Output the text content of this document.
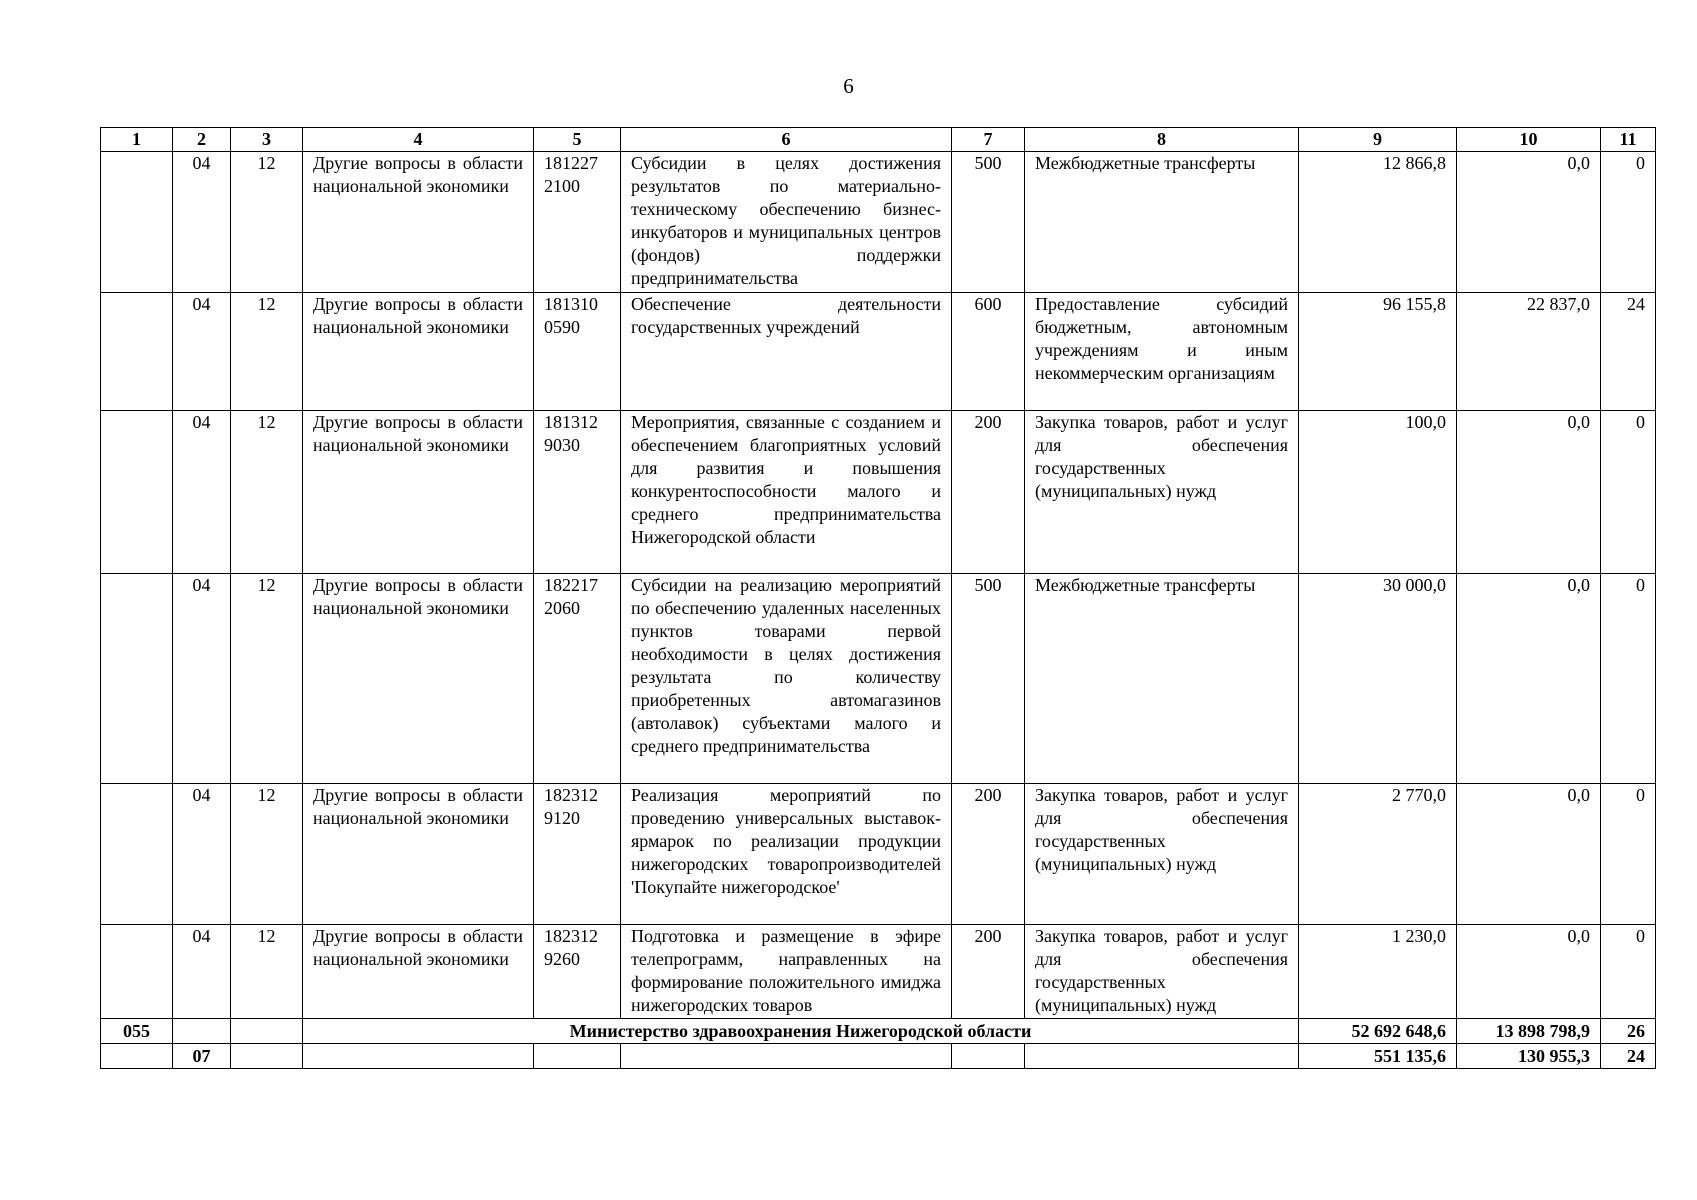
6
1	2	3	4	5	6	7	8	9	10	11
	04	12	Другие вопросы в области национальной экономики	181227 2100	Субсидии в целях достижения результатов по материально-техническому обеспечению бизнес-инкубаторов и муниципальных центров (фондов) поддержки предпринимательства	500	Межбюджетные трансферты	12 866,8	0,0	0
	04	12	Другие вопросы в области национальной экономики	181310 0590	Обеспечение деятельности государственных учреждений	600	Предоставление субсидий бюджетным, автономным учреждениям и иным некоммерческим организациям	96 155,8	22 837,0	24
	04	12	Другие вопросы в области национальной экономики	181312 9030	Мероприятия, связанные с созданием и обеспечением благоприятных условий для развития и повышения конкурентоспособности малого и среднего предпринимательства Нижегородской области	200	Закупка товаров, работ и услуг для обеспечения государственных (муниципальных) нужд	100,0	0,0	0
	04	12	Другие вопросы в области национальной экономики	182217 2060	Субсидии на реализацию мероприятий по обеспечению удаленных населенных пунктов товарами первой необходимости в целях достижения результата по количеству приобретенных автомагазинов (автолавок) субъектами малого и среднего предпринимательства	500	Межбюджетные трансферты	30 000,0	0,0	0
	04	12	Другие вопросы в области национальной экономики	182312 9120	Реализация мероприятий по проведению универсальных выставок-ярмарок по реализации продукции нижегородских товаропроизводителей 'Покупайте нижегородское'	200	Закупка товаров, работ и услуг для обеспечения государственных (муниципальных) нужд	2 770,0	0,0	0
	04	12	Другие вопросы в области национальной экономики	182312 9260	Подготовка и размещение в эфире телепрограмм, направленных на формирование положительного имиджа нижегородских товаров	200	Закупка товаров, работ и услуг для обеспечения государственных (муниципальных) нужд	1 230,0	0,0	0
055			Министерство здравоохранения Нижегородской области					52 692 648,6	13 898 798,9	26
	07							551 135,6	130 955,3	24
